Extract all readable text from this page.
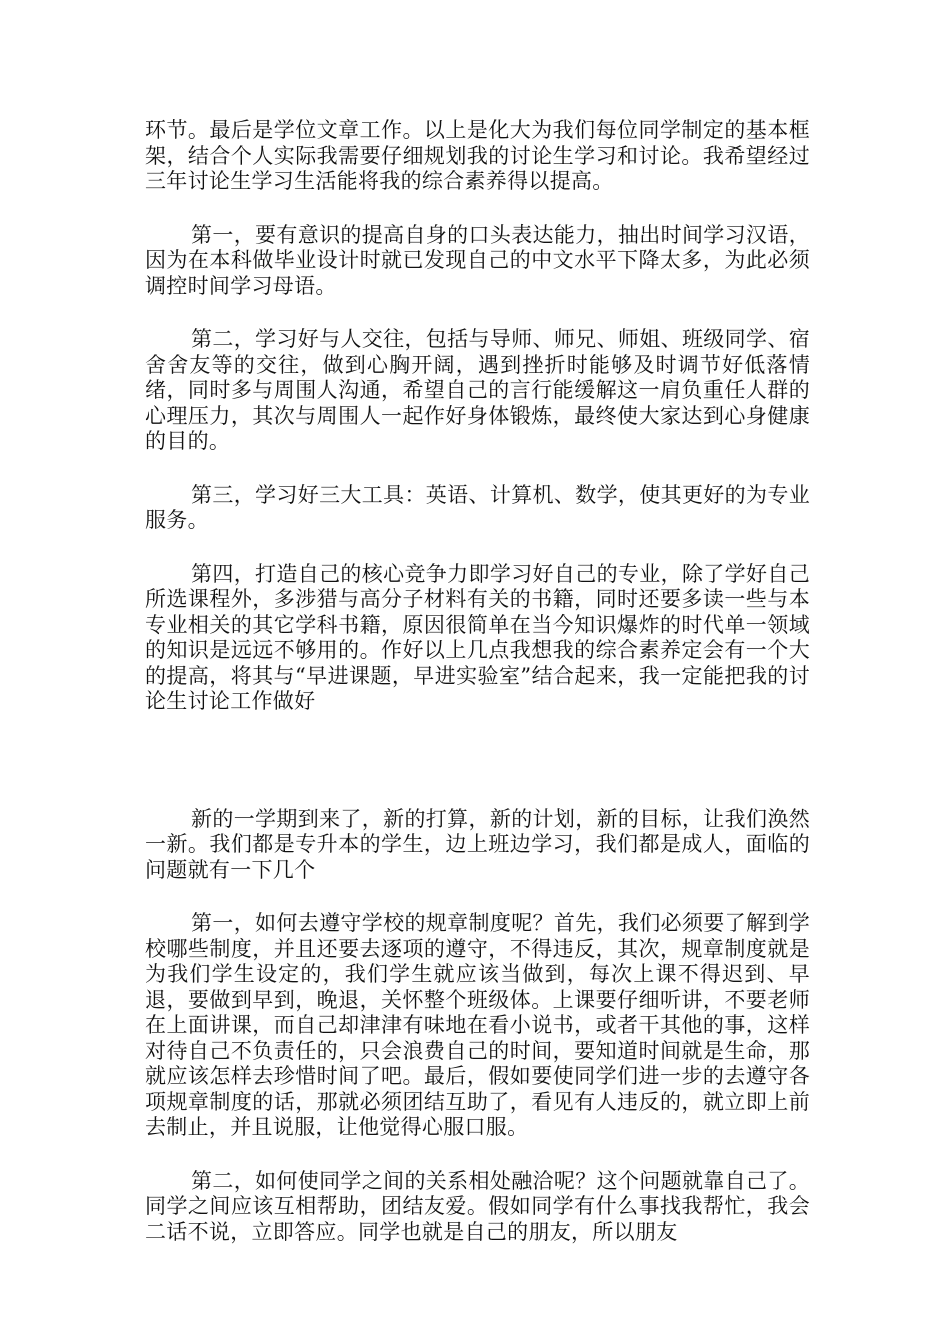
环节。最后是学位文章工作。以上是化大为我们每位同学制定的基本框架，结合个人实际我需要仔细规划我的讨论生学习和讨论。我希望经过三年讨论生学习生活能将我的综合素养得以提高。

第一，要有意识的提高自身的口头表达能力，抽出时间学习汉语，因为在本科做毕业设计时就已发现自己的中文水平下降太多，为此必须调控时间学习母语。

第二，学习好与人交往，包括与导师、师兄、师姐、班级同学、宿舍舍友等的交往，做到心胸开阔，遇到挫折时能够及时调节好低落情绪，同时多与周围人沟通，希望自己的言行能缓解这一肩负重任人群的心理压力，其次与周围人一起作好身体锻炼，最终使大家达到心身健康的目的。

第三，学习好三大工具：英语、计算机、数学，使其更好的为专业服务。

第四，打造自己的核心竞争力即学习好自己的专业，除了学好自己所选课程外，多涉猎与高分子材料有关的书籍，同时还要多读一些与本专业相关的其它学科书籍，原因很简单在当今知识爆炸的时代单一领域的知识是远远不够用的。作好以上几点我想我的综合素养定会有一个大的提高，将其与“早进课题，早进实验室”结合起来，我一定能把我的讨论生讨论工作做好

新的一学期到来了，新的打算，新的计划，新的目标，让我们涣然一新。我们都是专升本的学生，边上班边学习，我们都是成人，面临的问题就有一下几个

第一，如何去遵守学校的规章制度呢？首先，我们必须要了解到学校哪些制度，并且还要去逐项的遵守，不得违反，其次，规章制度就是为我们学生设定的，我们学生就应该当做到，每次上课不得迟到、早退，要做到早到，晚退，关怀整个班级体。上课要仔细听讲，不要老师在上面讲课，而自己却津津有味地在看小说书，或者干其他的事，这样对待自己不负责任的，只会浪费自己的时间，要知道时间就是生命，那就应该怎样去珍惜时间了吧。最后，假如要使同学们进一步的去遵守各项规章制度的话，那就必须团结互助了，看见有人违反的，就立即上前去制止，并且说服，让他觉得心服口服。

第二，如何使同学之间的关系相处融洽呢？这个问题就靠自己了。同学之间应该互相帮助，团结友爱。假如同学有什么事找我帮忙，我会二话不说，立即答应。同学也就是自己的朋友，所以朋友
